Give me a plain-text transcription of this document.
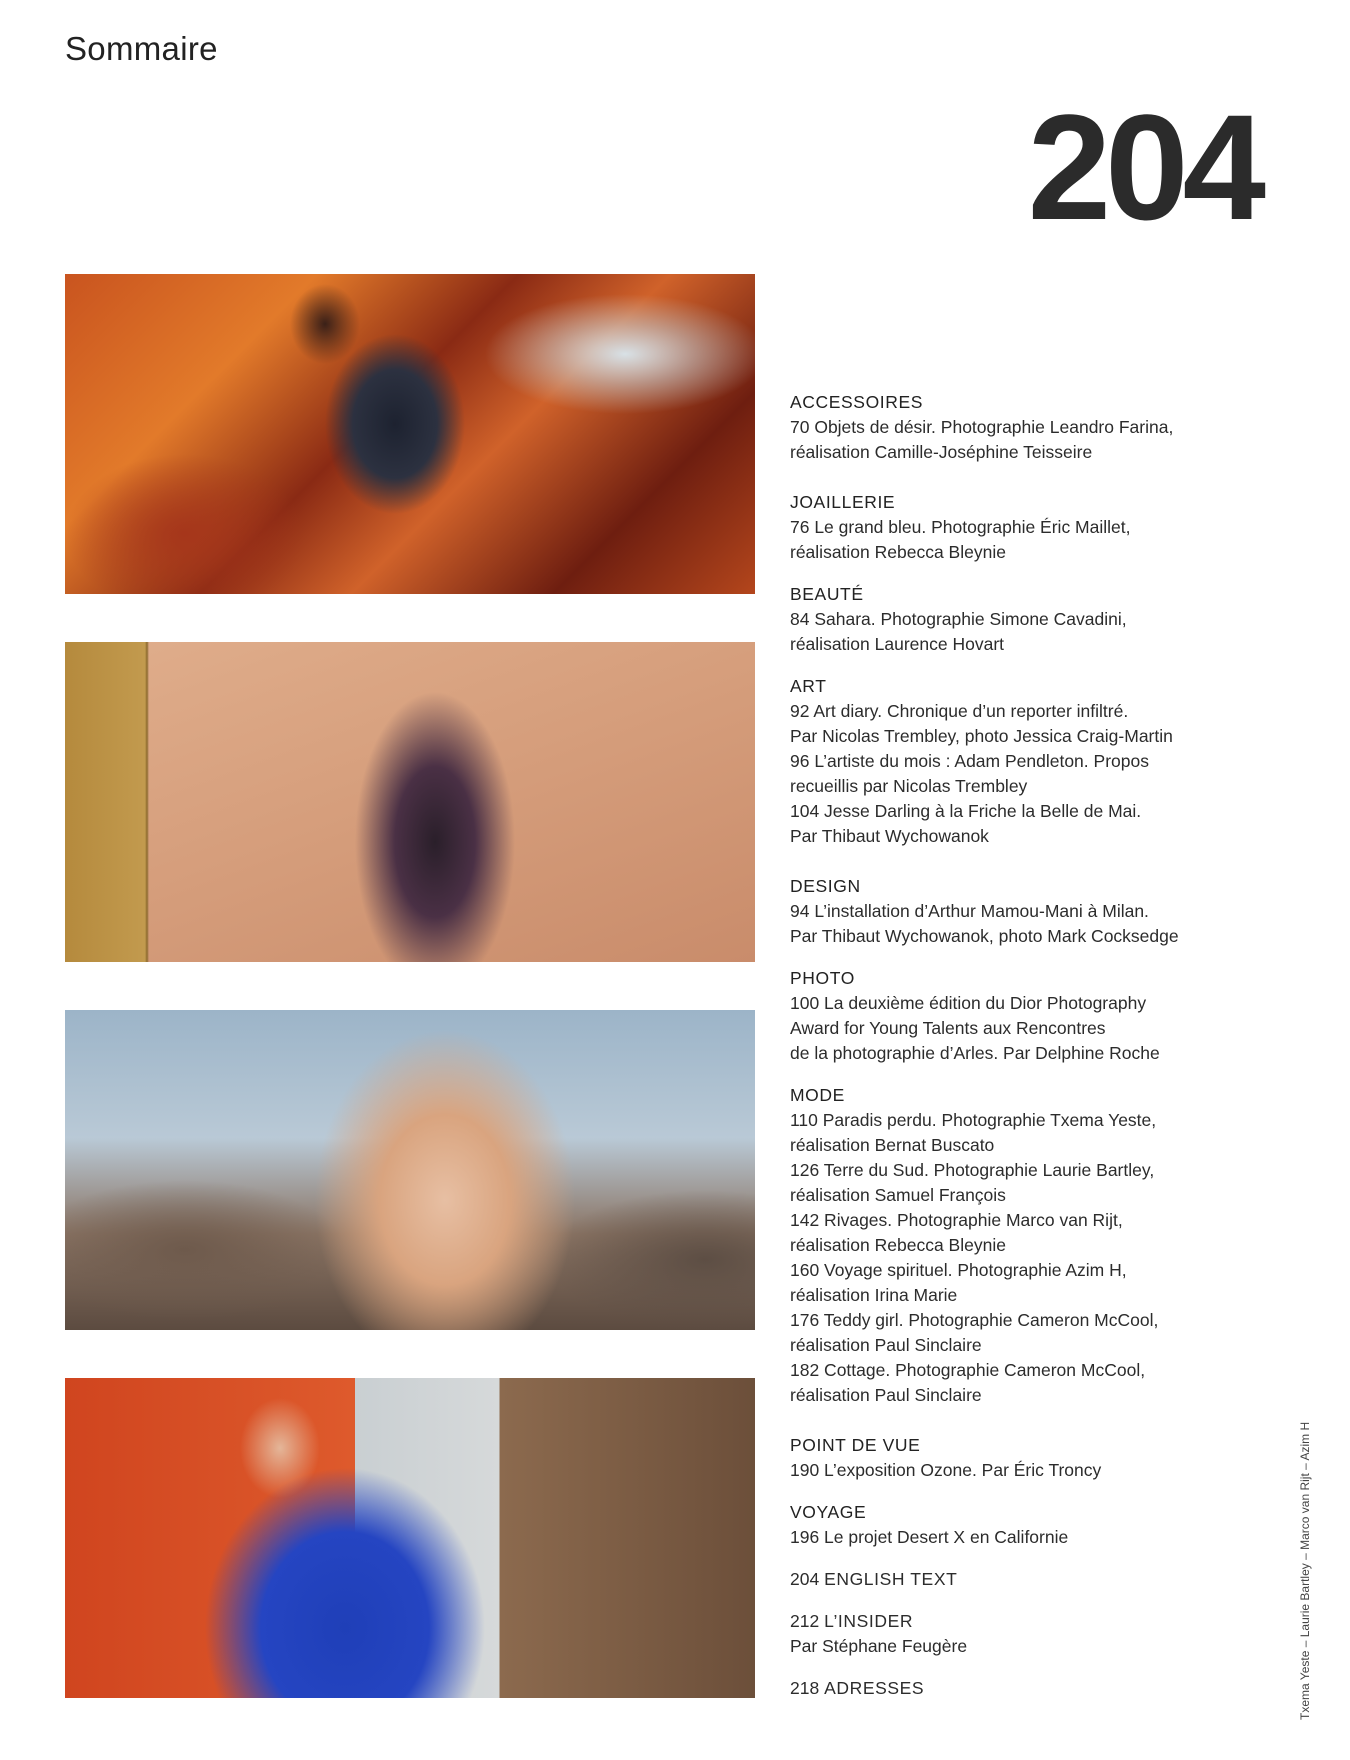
Sommaire
204
Txema Yeste – Laurie Bartley – Marco van Rijt – Azim H
ACCESSOIRES
70 Objets de désir. Photographie Leandro Farina,
réalisation Camille-Joséphine Teisseire
JOAILLERIE
76 Le grand bleu. Photographie Éric Maillet,
réalisation Rebecca Bleynie
BEAUTÉ
84 Sahara. Photographie Simone Cavadini,
réalisation Laurence Hovart
ART
92 Art diary. Chronique d’un reporter infiltré.
Par Nicolas Trembley, photo Jessica Craig-Martin
96 L’artiste du mois : Adam Pendleton. Propos
recueillis par Nicolas Trembley
104 Jesse Darling à la Friche la Belle de Mai.
Par Thibaut Wychowanok
DESIGN
94 L’installation d’Arthur Mamou-Mani à Milan.
Par Thibaut Wychowanok, photo Mark Cocksedge
PHOTO
100 La deuxième édition du Dior Photography
Award for Young Talents aux Rencontres
de la photographie d’Arles. Par Delphine Roche
MODE
110 Paradis perdu. Photographie Txema Yeste,
réalisation Bernat Buscato
126 Terre du Sud. Photographie Laurie Bartley,
réalisation Samuel François
142 Rivages. Photographie Marco van Rijt,
réalisation Rebecca Bleynie
160 Voyage spirituel. Photographie Azim H,
réalisation Irina Marie
176 Teddy girl. Photographie Cameron McCool,
réalisation Paul Sinclaire
182 Cottage. Photographie Cameron McCool,
réalisation Paul Sinclaire
POINT DE VUE
190 L’exposition Ozone. Par Éric Troncy
VOYAGE
196 Le projet Desert X en Californie
204 ENGLISH TEXT
212 L’INSIDER
Par Stéphane Feugère
218 ADRESSES
